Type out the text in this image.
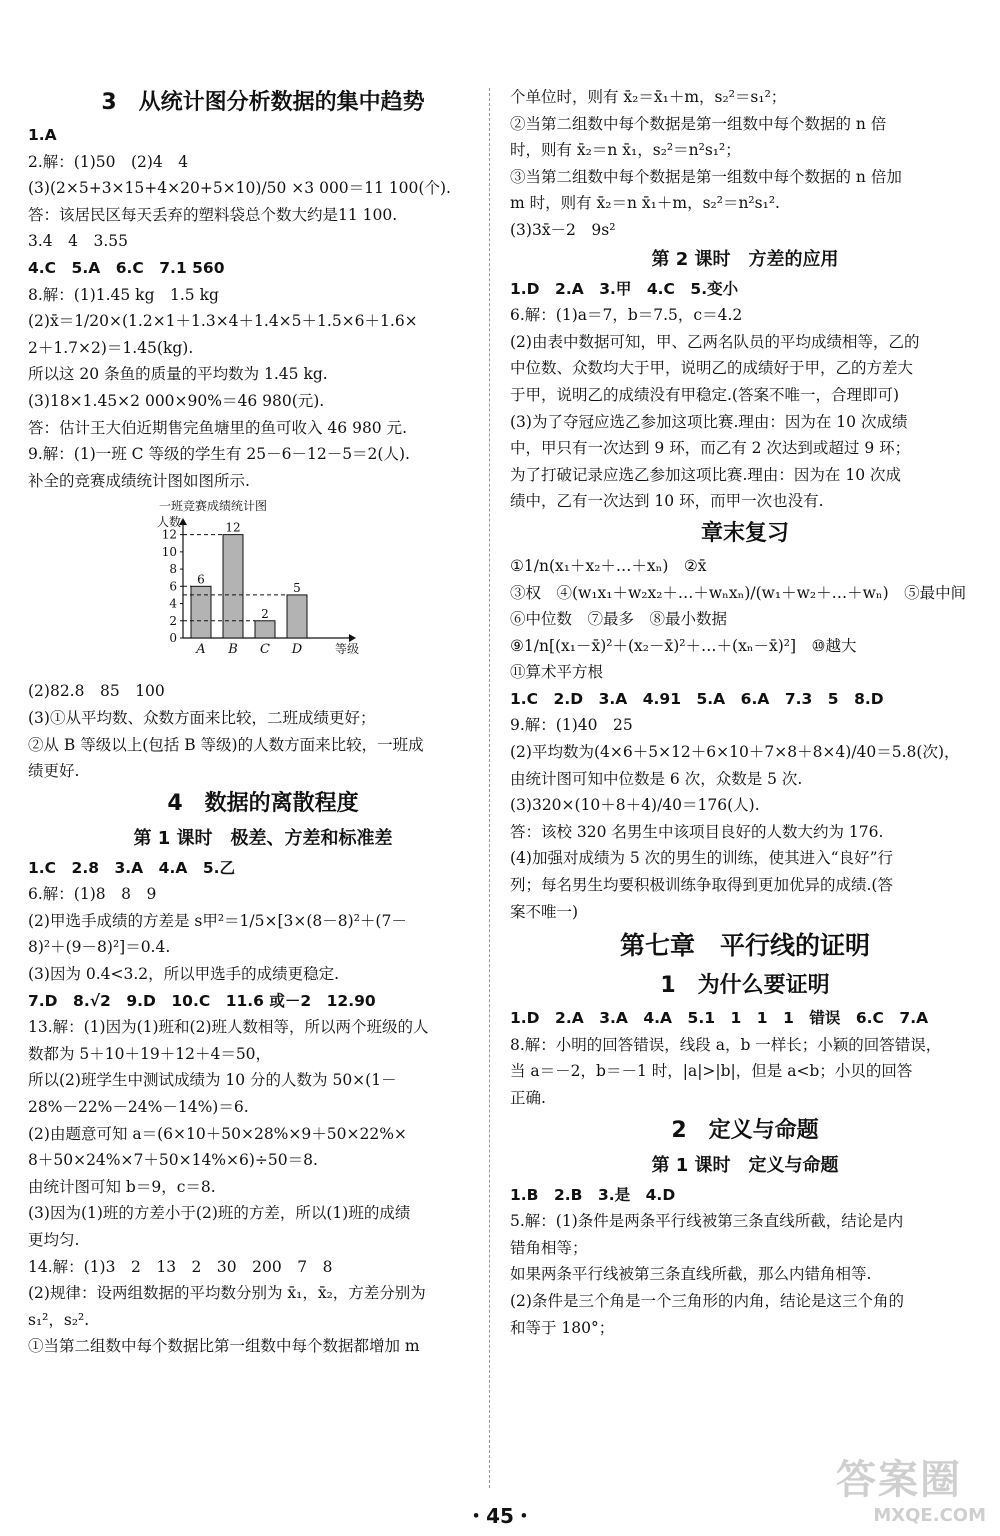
3　从统计图分析数据的集中趋势
1.A
2.解：(1)50　(2)4　4
(3)(2×5+3×15+4×20+5×10)/50 ×3 000＝11 100(个).
答：该居民区每天丢弃的塑料袋总个数大约是11 100.
3.4　4　3.55
4.C　5.A　6.C　7.1 560
8.解：(1)1.45 kg　1.5 kg
(2)x̄＝1/20×(1.2×1＋1.3×4＋1.4×5＋1.5×6＋1.6×
2＋1.7×2)＝1.45(kg).
所以这 20 条鱼的质量的平均数为 1.45 kg.
(3)18×1.45×2 000×90%＝46 980(元).
答：估计王大伯近期售完鱼塘里的鱼可收入 46 980 元.
9.解：(1)一班 C 等级的学生有 25－6－12－5＝2(人).
补全的竞赛成绩统计图如图所示.
一班竞赛成绩统计图
人数
0
2
4
6
8
10
12
6
A
12
B
2
C
5
D	等级
(2)82.8　85　100
(3)①从平均数、众数方面来比较，二班成绩更好；
②从 B 等级以上(包括 B 等级)的人数方面来比较，一班成
绩更好.
4　数据的离散程度
第 1 课时　极差、方差和标准差
1.C　2.8　3.A　4.A　5.乙
6.解：(1)8　8　9
(2)甲选手成绩的方差是 s甲²＝1/5×[3×(8－8)²＋(7－
8)²＋(9－8)²]＝0.4.
(3)因为 0.4<3.2，所以甲选手的成绩更稳定.
7.D　8.√2　9.D　10.C　11.6 或－2　12.90
13.解：(1)因为(1)班和(2)班人数相等，所以两个班级的人
数都为 5＋10＋19＋12＋4＝50，
所以(2)班学生中测试成绩为 10 分的人数为 50×(1－
28%－22%－24%－14%)＝6.
(2)由题意可知 a＝(6×10＋50×28%×9＋50×22%×
8＋50×24%×7＋50×14%×6)÷50＝8.
由统计图可知 b＝9，c＝8.
(3)因为(1)班的方差小于(2)班的方差，所以(1)班的成绩
更均匀.
14.解：(1)3　2　13　2　30　200　7　8
(2)规律：设两组数据的平均数分别为 x̄₁，x̄₂，方差分别为
s₁²，s₂².
①当第二组数中每个数据比第一组数中每个数据都增加 m
个单位时，则有 x̄₂＝x̄₁＋m，s₂²＝s₁²；
②当第二组数中每个数据是第一组数中每个数据的 n 倍
时，则有 x̄₂＝n x̄₁，s₂²＝n²s₁²；
③当第二组数中每个数据是第一组数中每个数据的 n 倍加
m 时，则有 x̄₂＝n x̄₁＋m，s₂²＝n²s₁².
(3)3x̄－2　9s²
第 2 课时　方差的应用
1.D　2.A　3.甲　4.C　5.变小
6.解：(1)a＝7，b＝7.5，c＝4.2
(2)由表中数据可知，甲、乙两名队员的平均成绩相等，乙的
中位数、众数均大于甲，说明乙的成绩好于甲，乙的方差大
于甲，说明乙的成绩没有甲稳定.(答案不唯一，合理即可)
(3)为了夺冠应选乙参加这项比赛.理由：因为在 10 次成绩
中，甲只有一次达到 9 环，而乙有 2 次达到或超过 9 环；
为了打破记录应选乙参加这项比赛.理由：因为在 10 次成
绩中，乙有一次达到 10 环，而甲一次也没有.
章末复习
①1/n(x₁＋x₂＋…＋xₙ)　②x̄
③权　④(w₁x₁＋w₂x₂＋…＋wₙxₙ)/(w₁＋w₂＋…＋wₙ)　⑤最中间
⑥中位数　⑦最多　⑧最小数据
⑨1/n[(x₁－x̄)²＋(x₂－x̄)²＋…＋(xₙ－x̄)²]　⑩越大
⑪算术平方根
1.C　2.D　3.A　4.91　5.A　6.A　7.3　5　8.D
9.解：(1)40　25
(2)平均数为(4×6＋5×12＋6×10＋7×8＋8×4)/40＝5.8(次)，
由统计图可知中位数是 6 次，众数是 5 次.
(3)320×(10＋8＋4)/40＝176(人).
答：该校 320 名男生中该项目良好的人数大约为 176.
(4)加强对成绩为 5 次的男生的训练，使其进入“良好”行
列；每名男生均要积极训练争取得到更加优异的成绩.(答
案不唯一)
第七章　平行线的证明
1　为什么要证明
1.D　2.A　3.A　4.A　5.1　1　1　1　错误　6.C　7.A
8.解：小明的回答错误，线段 a，b 一样长；小颖的回答错误，
当 a＝－2，b＝－1 时，|a|>|b|，但是 a<b；小贝的回答
正确.
2　定义与命题
第 1 课时　定义与命题
1.B　2.B　3.是　4.D
5.解：(1)条件是两条平行线被第三条直线所截，结论是内
错角相等；
如果两条平行线被第三条直线所截，那么内错角相等.
(2)条件是三个角是一个三角形的内角，结论是这三个角的
和等于 180°；
・45・
答案圈
MXQE.COM
